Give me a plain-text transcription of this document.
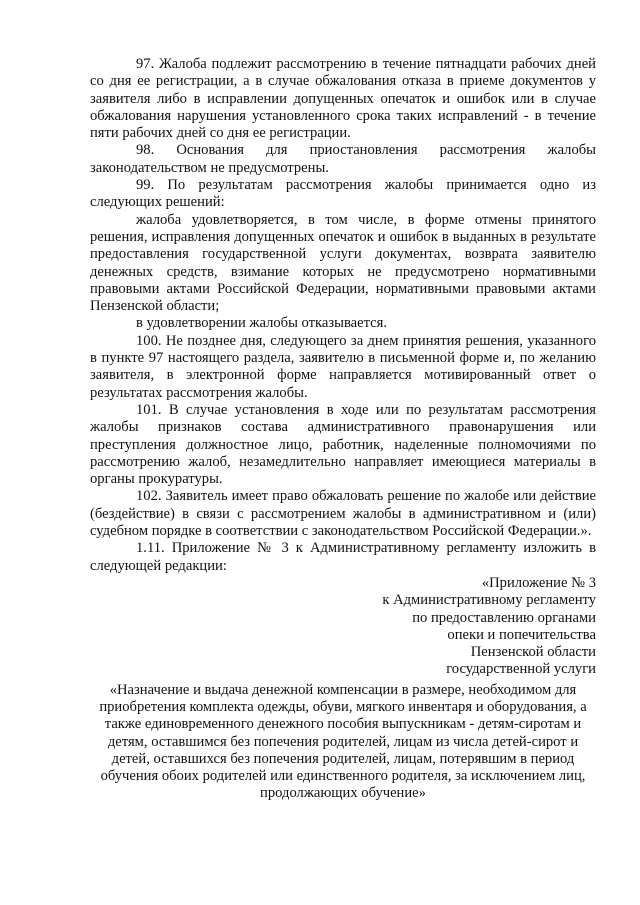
97. Жалоба подлежит рассмотрению в течение пятнадцати рабочих дней со дня ее регистрации, а в случае обжалования отказа в приеме документов у заявителя либо в исправлении допущенных опечаток и ошибок или в случае обжалования нарушения установленного срока таких исправлений - в течение пяти рабочих дней со дня ее регистрации.

98. Основания для приостановления рассмотрения жалобы законодательством не предусмотрены.

99. По результатам рассмотрения жалобы принимается одно из следующих решений:

жалоба удовлетворяется, в том числе, в форме отмены принятого решения, исправления допущенных опечаток и ошибок в выданных в результате предоставления государственной услуги документах, возврата заявителю денежных средств, взимание которых не предусмотрено нормативными правовыми актами Российской Федерации, нормативными правовыми актами Пензенской области;

в удовлетворении жалобы отказывается.

100. Не позднее дня, следующего за днем принятия решения, указанного в пункте 97 настоящего раздела, заявителю в письменной форме и, по желанию заявителя, в электронной форме направляется мотивированный ответ о результатах рассмотрения жалобы.

101. В случае установления в ходе или по результатам рассмотрения жалобы признаков состава административного правонарушения или преступления должностное лицо, работник, наделенные полномочиями по рассмотрению жалоб, незамедлительно направляет имеющиеся материалы в органы прокуратуры.

102. Заявитель имеет право обжаловать решение по жалобе или действие (бездействие) в связи с рассмотрением жалобы в административном и (или) судебном порядке в соответствии с законодательством Российской Федерации.».

1.11. Приложение № 3 к Административному регламенту изложить в следующей редакции:

«Приложение № 3

к Административному регламенту

по предоставлению органами

опеки и попечительства

Пензенской области

государственной услуги

«Назначение и выдача денежной компенсации в размере, необходимом для приобретения комплекта одежды, обуви, мягкого инвентаря и оборудования, а также единовременного денежного пособия выпускникам - детям-сиротам и детям, оставшимся без попечения родителей, лицам из числа детей-сирот и детей, оставшихся без попечения родителей, лицам, потерявшим в период обучения обоих родителей или единственного родителя, за исключением лиц, продолжающих обучение»
